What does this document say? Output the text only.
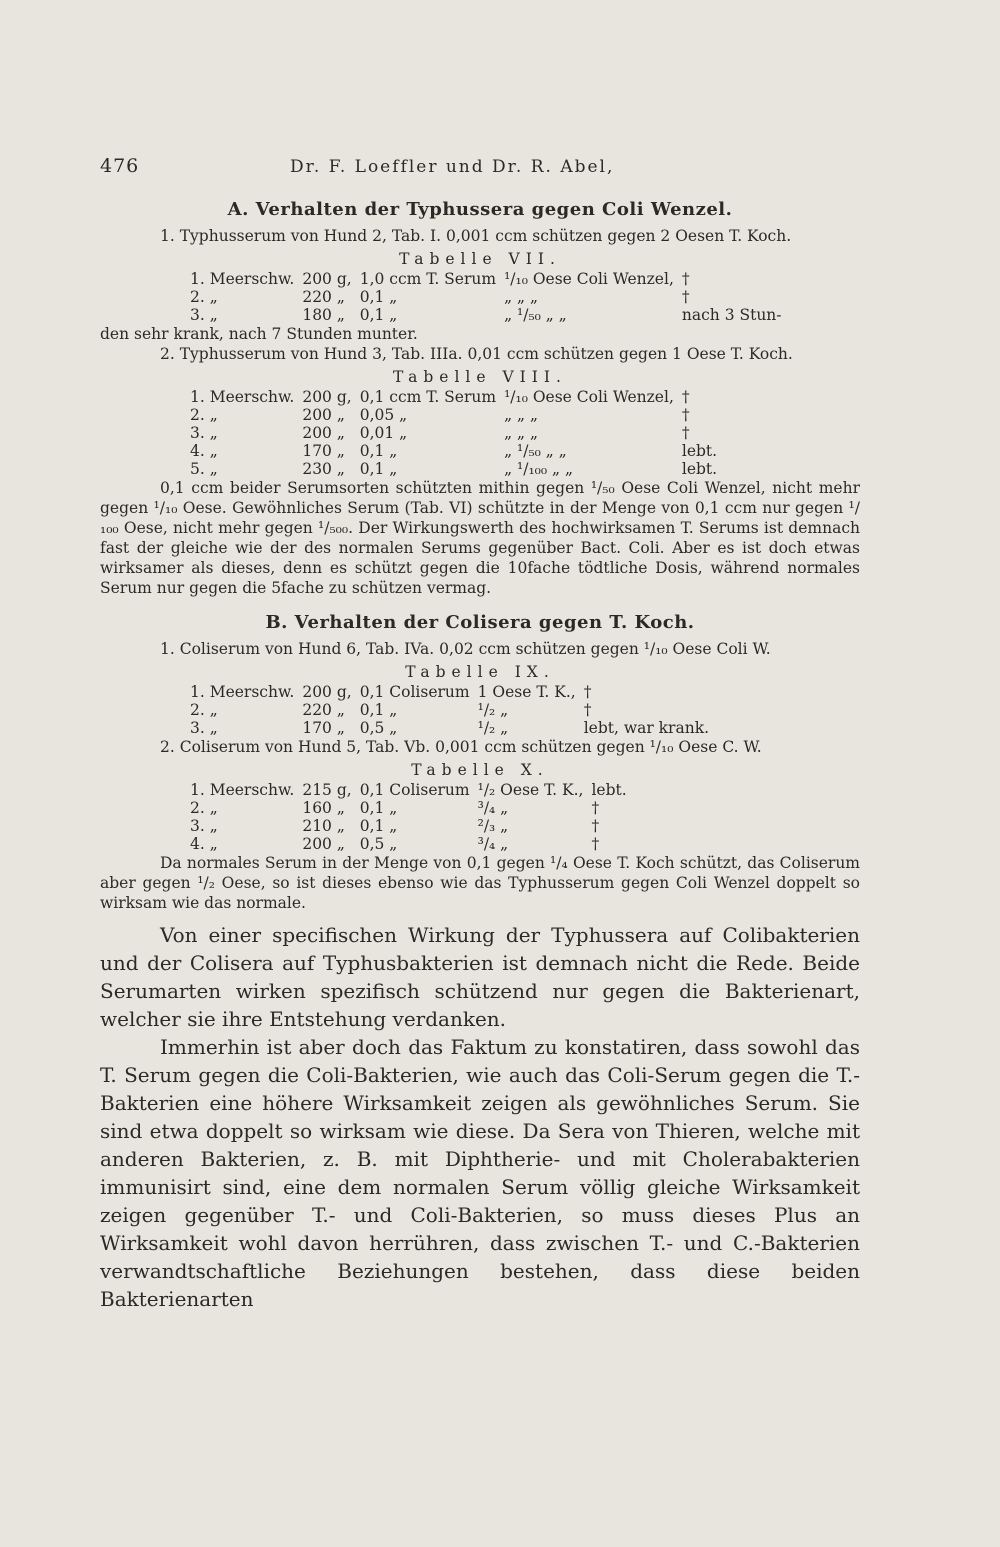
476	Dr. F. Loeffler und Dr. R. Abel,
A. Verhalten der Typhussera gegen Coli Wenzel.

1. Typhusserum von Hund 2, Tab. I. 0,001 ccm schützen gegen 2 Oesen T. Koch.

Tabelle VII.
1. Meerschw.	200 g,	1,0 ccm T. Serum	¹/₁₀ Oese Coli Wenzel,	†
2. „	220 „	0,1 „	„ „ „	†
3. „	180 „	0,1 „	„ ¹/₅₀ „ „	nach 3 Stun-

den sehr krank, nach 7 Stunden munter.

2. Typhusserum von Hund 3, Tab. IIIa. 0,01 ccm schützen gegen 1 Oese T. Koch.

Tabelle VIII.
1. Meerschw.	200 g,	0,1 ccm T. Serum	¹/₁₀ Oese Coli Wenzel,	†
2. „	200 „	0,05 „	„ „ „	†
3. „	200 „	0,01 „	„ „ „	†
4. „	170 „	0,1 „	„ ¹/₅₀ „ „	lebt.
5. „	230 „	0,1 „	„ ¹/₁₀₀ „ „	lebt.

0,1 ccm beider Serumsorten schützten mithin gegen ¹/₅₀ Oese Coli Wenzel, nicht mehr gegen ¹/₁₀ Oese. Gewöhnliches Serum (Tab. VI) schützte in der Menge von 0,1 ccm nur gegen ¹/₁₀₀ Oese, nicht mehr gegen ¹/₅₀₀. Der Wirkungswerth des hochwirksamen T. Serums ist demnach fast der gleiche wie der des normalen Serums gegenüber Bact. Coli. Aber es ist doch etwas wirksamer als dieses, denn es schützt gegen die 10fache tödtliche Dosis, während normales Serum nur gegen die 5fache zu schützen vermag.

B. Verhalten der Colisera gegen T. Koch.

1. Coliserum von Hund 6, Tab. IVa. 0,02 ccm schützen gegen ¹/₁₀ Oese Coli W.

Tabelle IX.
1. Meerschw.	200 g,	0,1 Coliserum	1 Oese T. K.,	†
2. „	220 „	0,1 „	¹/₂ „	†
3. „	170 „	0,5 „	¹/₂ „	lebt, war krank.

2. Coliserum von Hund 5, Tab. Vb. 0,001 ccm schützen gegen ¹/₁₀ Oese C. W.

Tabelle X.
1. Meerschw.	215 g,	0,1 Coliserum	¹/₂ Oese T. K.,	lebt.
2. „	160 „	0,1 „	³/₄ „	†
3. „	210 „	0,1 „	²/₃ „	†
4. „	200 „	0,5 „	³/₄ „	†

Da normales Serum in der Menge von 0,1 gegen ¹/₄ Oese T. Koch schützt, das Coliserum aber gegen ¹/₂ Oese, so ist dieses ebenso wie das Typhusserum gegen Coli Wenzel doppelt so wirksam wie das normale.

Von einer specifischen Wirkung der Typhussera auf Colibakterien und der Colisera auf Typhusbakterien ist demnach nicht die Rede. Beide Serumarten wirken spezifisch schützend nur gegen die Bakterienart, welcher sie ihre Entstehung verdanken.

Immerhin ist aber doch das Faktum zu konstatiren, dass sowohl das T. Serum gegen die Coli-Bakterien, wie auch das Coli-Serum gegen die T.-Bakterien eine höhere Wirksamkeit zeigen als gewöhnliches Serum. Sie sind etwa doppelt so wirksam wie diese. Da Sera von Thieren, welche mit anderen Bakterien, z. B. mit Diphtherie- und mit Cholerabakterien immunisirt sind, eine dem normalen Serum völlig gleiche Wirksamkeit zeigen gegenüber T.- und Coli-Bakterien, so muss dieses Plus an Wirksamkeit wohl davon herrühren, dass zwischen T.- und C.-Bakterien verwandtschaftliche Beziehungen bestehen, dass diese beiden Bakterienarten
